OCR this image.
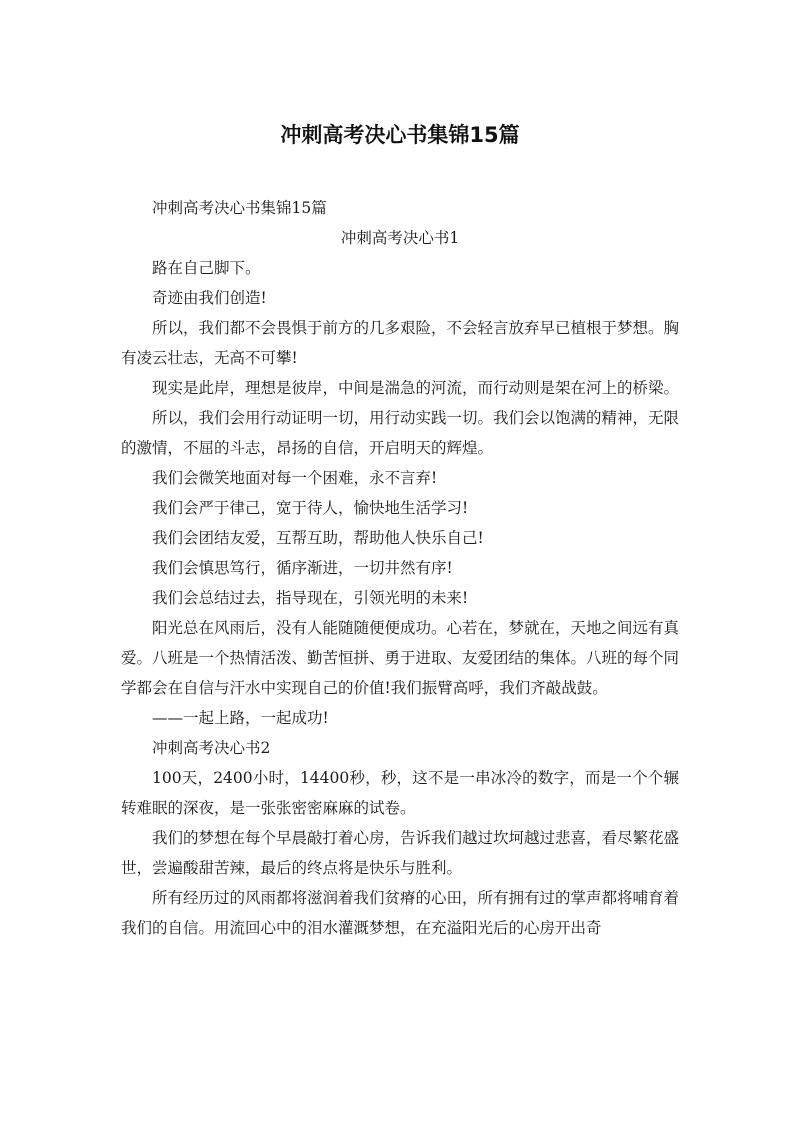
冲刺高考决心书集锦15篇

冲刺高考决心书集锦15篇

冲刺高考决心书1

路在自己脚下。

奇迹由我们创造!

所以，我们都不会畏惧于前方的几多艰险，不会轻言放弃早已植根于梦想。胸有凌云壮志，无高不可攀!

现实是此岸，理想是彼岸，中间是湍急的河流，而行动则是架在河上的桥梁。

所以，我们会用行动证明一切，用行动实践一切。我们会以饱满的精神，无限的激情，不屈的斗志，昂扬的自信，开启明天的辉煌。

我们会微笑地面对每一个困难，永不言弃!

我们会严于律己，宽于待人，愉快地生活学习!

我们会团结友爱，互帮互助，帮助他人快乐自己!

我们会慎思笃行，循序渐进，一切井然有序!

我们会总结过去，指导现在，引领光明的未来!

阳光总在风雨后，没有人能随随便便成功。心若在，梦就在，天地之间远有真爱。八班是一个热情活泼、勤苦恒拼、勇于进取、友爱团结的集体。八班的每个同学都会在自信与汗水中实现自己的价值!我们振臂高呼，我们齐敲战鼓。

——一起上路，一起成功!

冲刺高考决心书2

100天，2400小时，14400秒，秒，这不是一串冰冷的数字，而是一个个辗转难眠的深夜，是一张张密密麻麻的试卷。

我们的梦想在每个早晨敲打着心房，告诉我们越过坎坷越过悲喜，看尽繁花盛世，尝遍酸甜苦辣，最后的终点将是快乐与胜利。

所有经历过的风雨都将滋润着我们贫瘠的心田，所有拥有过的掌声都将哺育着我们的自信。用流回心中的泪水灌溉梦想，在充溢阳光后的心房开出奇
